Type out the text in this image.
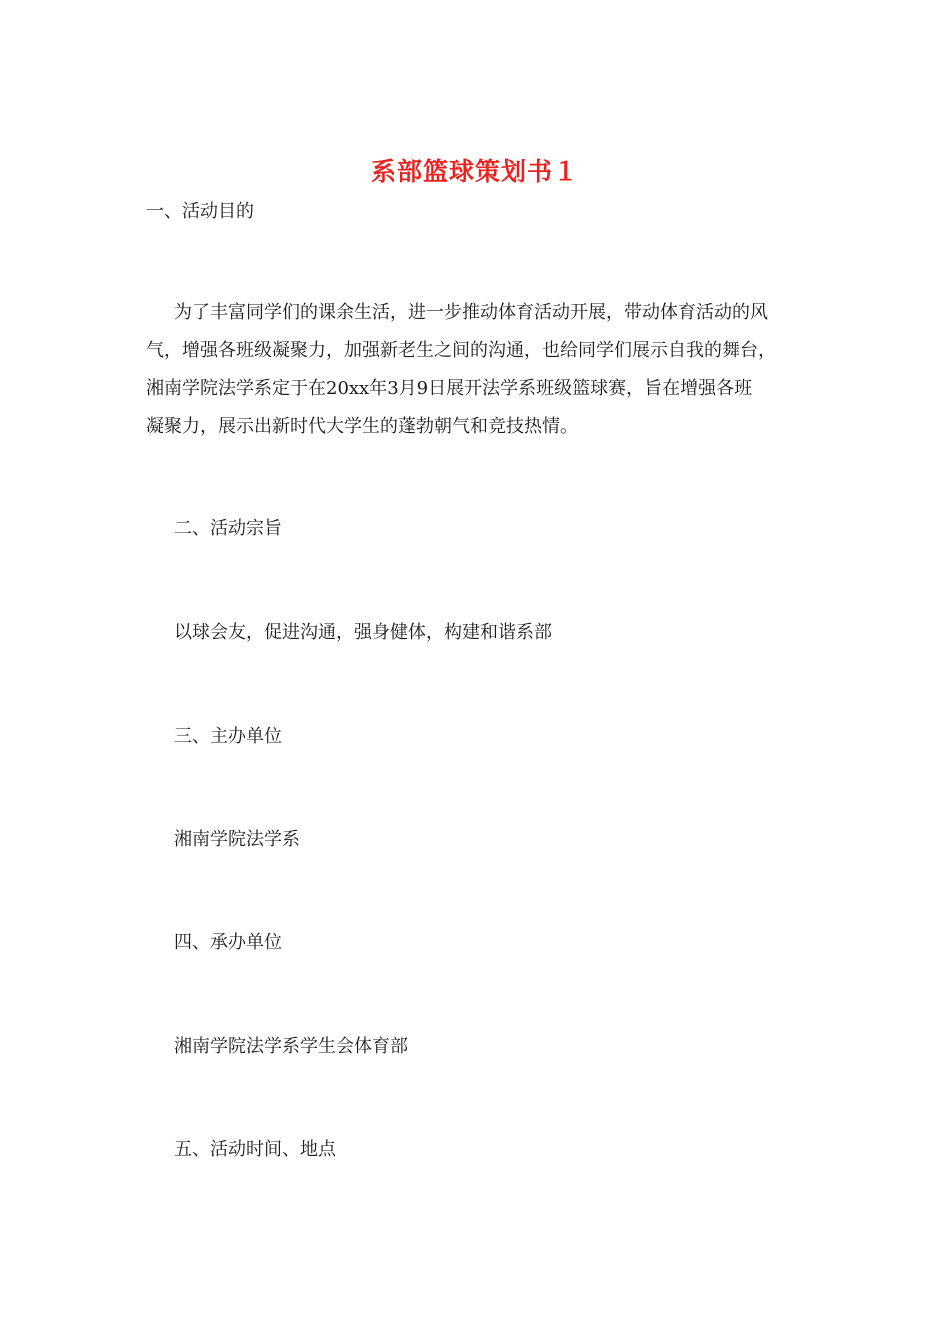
系部篮球策划书１
一、活动目的
为了丰富同学们的课余生活，进一步推动体育活动开展，带动体育活动的风
气，增强各班级凝聚力，加强新老生之间的沟通，也给同学们展示自我的舞台，
湘南学院法学系定于在20xx年3月9日展开法学系班级篮球赛，旨在增强各班
凝聚力，展示出新时代大学生的蓬勃朝气和竞技热情。
二、活动宗旨
以球会友，促进沟通，强身健体，构建和谐系部
三、主办单位
湘南学院法学系
四、承办单位
湘南学院法学系学生会体育部
五、活动时间、地点
